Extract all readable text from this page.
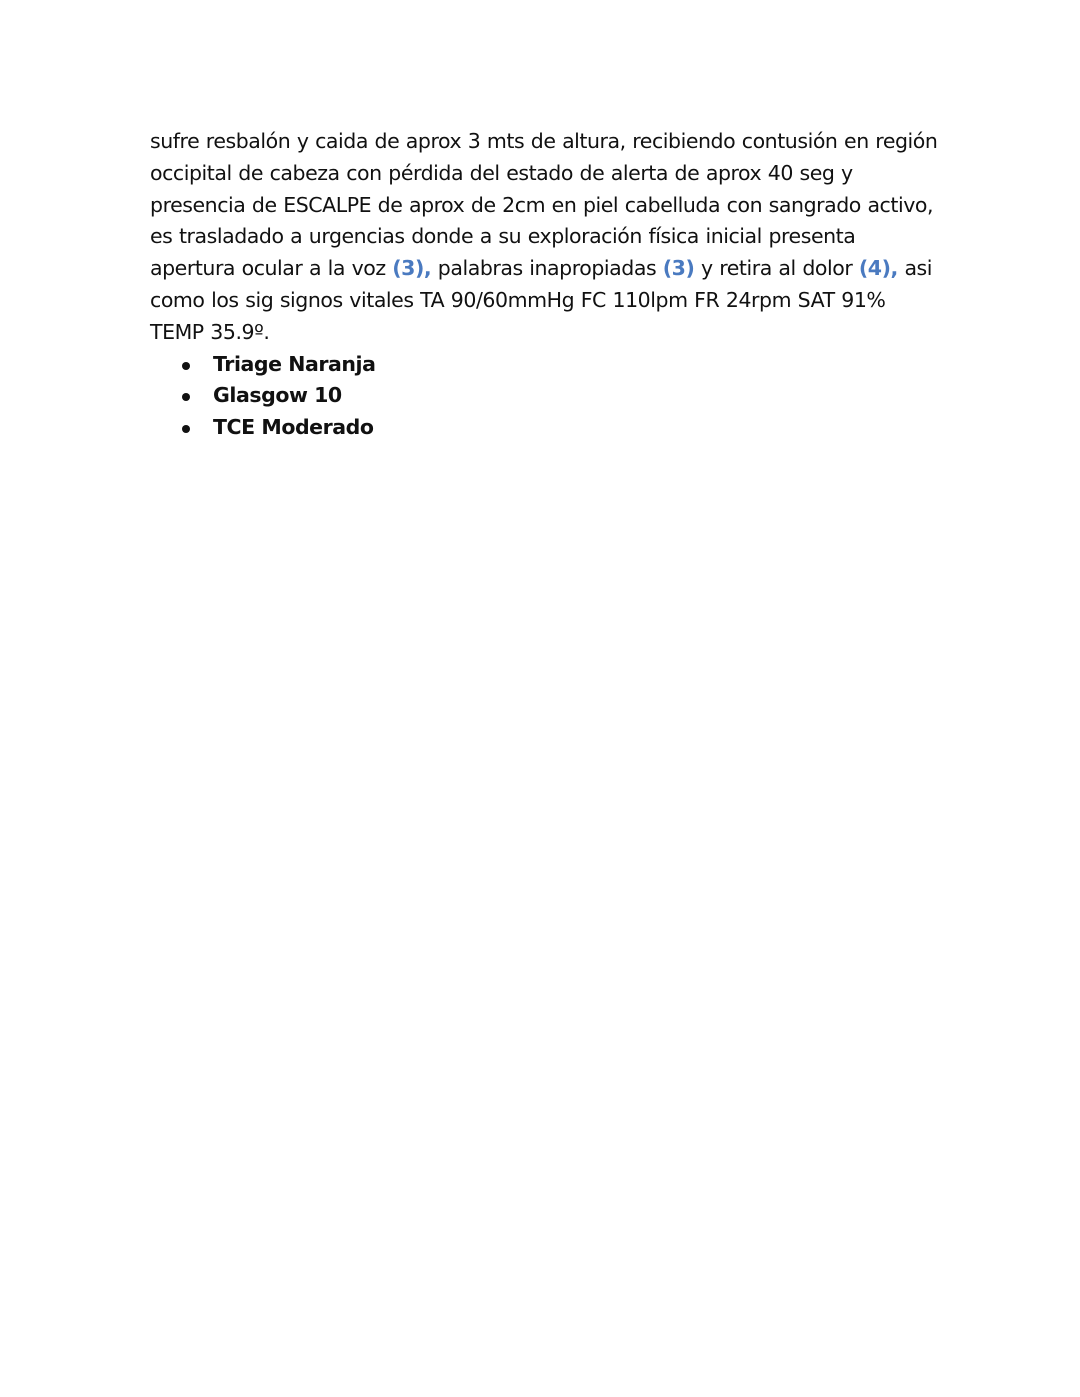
sufre resbalón y caida de aprox 3 mts de altura, recibiendo contusión en región occipital de cabeza con pérdida del estado de alerta de aprox 40 seg y presencia de ESCALPE de aprox de 2cm en piel cabelluda con sangrado activo, es trasladado a urgencias donde a su exploración física inicial presenta apertura ocular a la voz (3), palabras inapropiadas (3) y retira al dolor (4), asi como los sig signos vitales TA 90/60mmHg FC 110lpm FR 24rpm SAT 91% TEMP 35.9º.

Triage Naranja
Glasgow 10
TCE Moderado
